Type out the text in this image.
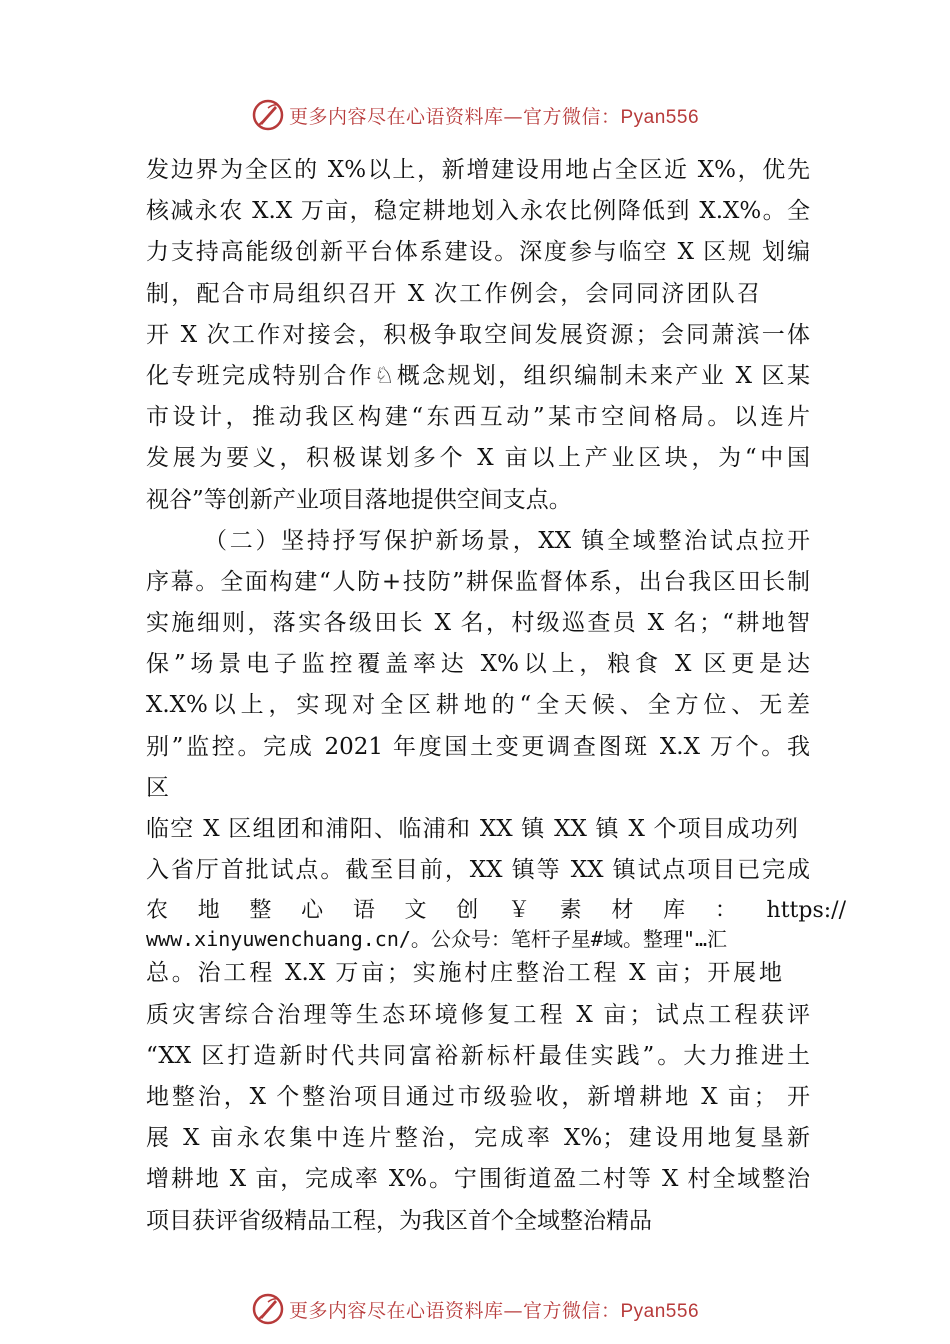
更多内容尽在心语资料库—官方微信：Pyan556
发边界为全区的 X%以上，新增建设用地占全区近 X%，优先
核减永农 X.X 万亩，稳定耕地划入永农比例降低到 X.X%。全
力支持高能级创新平台体系建设。深度参与临空 X 区规 划编
制，配合市局组织召开 X 次工作例会，会同同济团队召
开 X 次工作对接会，积极争取空间发展资源；会同萧滨一体
化专班完成特别合作♘概念规划，组织编制未来产业 X 区某
市设计，推动我区构建“东西互动”某市空间格局。以连片
发展为要义，积极谋划多个 X 亩以上产业区块，为“中国
视谷”等创新产业项目落地提供空间支点。
（二）坚持抒写保护新场景，XX 镇全域整治试点拉开
序幕。全面构建“人防+技防”耕保监督体系，出台我区田长制
实施细则，落实各级田长 X 名，村级巡查员 X 名；“耕地智
保”场景电子监控覆盖率达 X%以上，粮食 X 区更是达
X.X%以上，实现对全区耕地的“全天候、全方位、无差
别”监控。完成 2021 年度国土变更调查图斑 X.X 万个。我
区
临空 X 区组团和浦阳、临浦和 XX 镇 XX 镇 X 个项目成功列
入省厅首批试点。截至目前，XX 镇等 XX 镇试点项目已完成
农 地 整 心 语 文 创 ￥ 素 材 库 ： https://
www.xinyuwenchuang.cn/。公众号：笔杆子星#域。整理"…汇
总。治工程 X.X 万亩；实施村庄整治工程 X 亩；开展地
质灾害综合治理等生态环境修复工程 X 亩；试点工程获评
“XX 区打造新时代共同富裕新标杆最佳实践”。大力推进土
地整治，X 个整治项目通过市级验收，新增耕地 X 亩； 开
展 X 亩永农集中连片整治，完成率 X%；建设用地复垦新
增耕地 X 亩，完成率 X%。宁围街道盈二村等 X 村全域整治
项目获评省级精品工程，为我区首个全域整治精品
更多内容尽在心语资料库—官方微信：Pyan556
